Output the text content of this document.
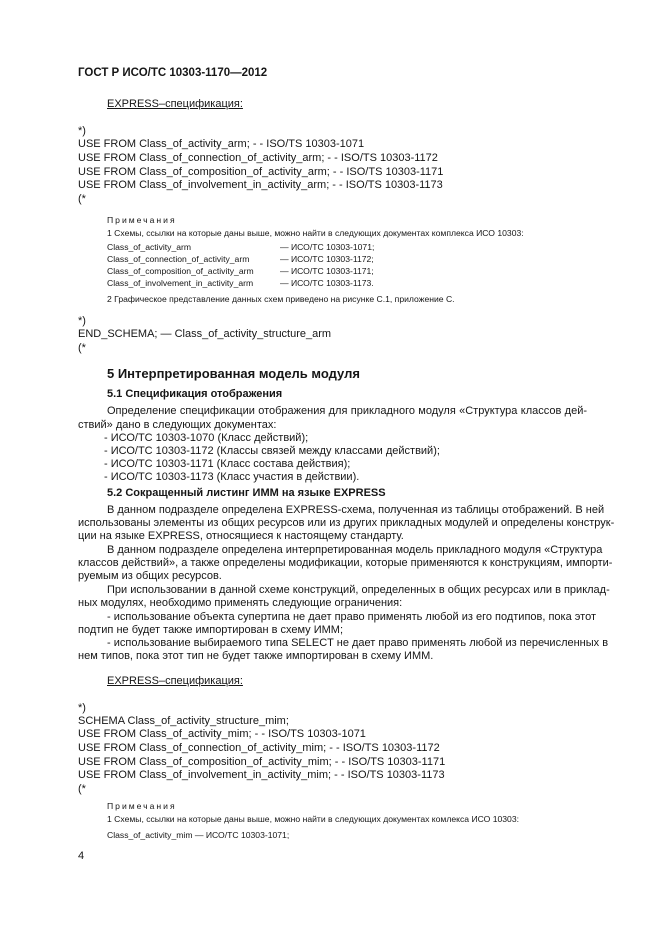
ГОСТ Р ИСО/ТС 10303-1170—2012
EXPRESS–спецификация:
*)
USE FROM Class_of_activity_arm; - - ISO/TS 10303-1071
USE FROM Class_of_connection_of_activity_arm; - - ISO/TS 10303-1172
USE FROM Class_of_composition_of_activity_arm; - - ISO/TS 10303-1171
USE FROM Class_of_involvement_in_activity_arm; - - ISO/TS 10303-1173
(*
Примечания
1 Схемы, ссылки на которые даны выше, можно найти в следующих документах комплекса ИСО 10303:
Class_of_activity_arm	— ИСО/ТС 10303-1071;
Class_of_connection_of_activity_arm	— ИСО/ТС 10303-1172;
Class_of_composition_of_activity_arm	— ИСО/ТС 10303-1171;
Class_of_involvement_in_activity_arm	— ИСО/ТС 10303-1173.
2 Графическое представление данных схем приведено на рисунке С.1, приложение С.
*)
END_SCHEMA; — Class_of_activity_structure_arm
(*
5 Интерпретированная модель модуля
5.1 Спецификация отображения
Определение спецификации отображения для прикладного модуля «Структура классов дей-
ствий» дано в следующих документах:
- ИСО/ТС 10303-1070 (Класс действий);
- ИСО/ТС 10303-1172 (Классы связей между классами действий);
- ИСО/ТС 10303-1171 (Класс состава действия);
- ИСО/ТС 10303-1173 (Класс участия в действии).
5.2 Сокращенный листинг ИММ на языке EXPRESS
В данном подразделе определена EXPRESS-схема, полученная из таблицы отображений. В ней
использованы элементы из общих ресурсов или из других прикладных модулей и определены конструк-
ции на языке EXPRESS, относящиеся к настоящему стандарту.
В данном подразделе определена интерпретированная модель прикладного модуля «Структура
классов действий», а также определены модификации, которые применяются к конструкциям, импорти-
руемым из общих ресурсов.
При использовании в данной схеме конструкций, определенных в общих ресурсах или в приклад-
ных модулях, необходимо применять следующие ограничения:
- использование объекта супертипа не дает право применять любой из его подтипов, пока этот
подтип не будет также импортирован в схему ИММ;
- использование выбираемого типа SELECT не дает право применять любой из перечисленных в
нем типов, пока этот тип не будет также импортирован в схему ИММ.
EXPRESS–спецификация:
*)
SCHEMA Class_of_activity_structure_mim;
USE FROM Class_of_activity_mim; - - ISO/TS 10303-1071
USE FROM Class_of_connection_of_activity_mim; - - ISO/TS 10303-1172
USE FROM Class_of_composition_of_activity_mim; - - ISO/TS 10303-1171
USE FROM Class_of_involvement_in_activity_mim; - - ISO/TS 10303-1173
(*
Примечания
1 Схемы, ссылки на которые даны выше, можно найти в следующих документах комлекса ИСО 10303:
Class_of_activity_mim — ИСО/ТС 10303-1071;
4
